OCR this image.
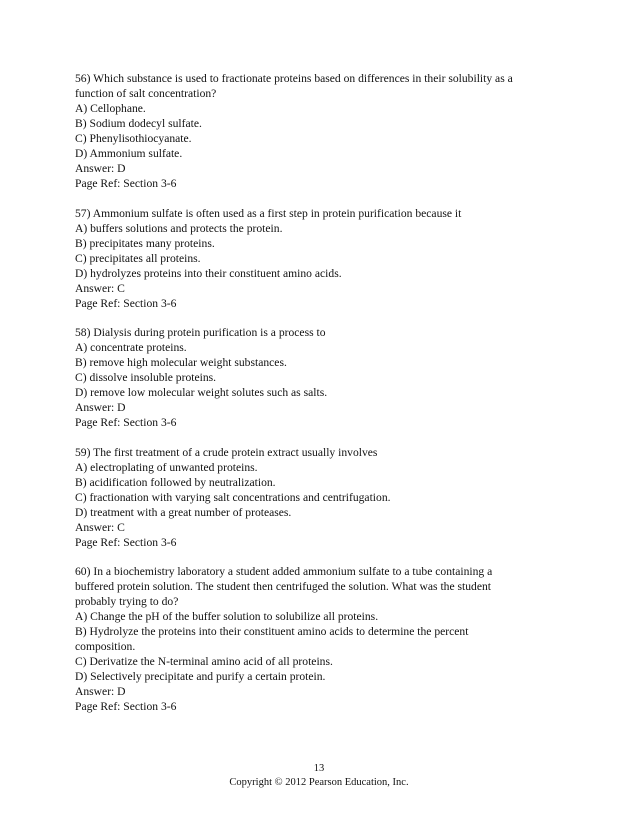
56) Which substance is used to fractionate proteins based on differences in their solubility as a
function of salt concentration?
A) Cellophane.
B) Sodium dodecyl sulfate.
C) Phenylisothiocyanate.
D) Ammonium sulfate.
Answer: D
Page Ref: Section 3-6
57) Ammonium sulfate is often used as a first step in protein purification because it
A) buffers solutions and protects the protein.
B) precipitates many proteins.
C) precipitates all proteins.
D) hydrolyzes proteins into their constituent amino acids.
Answer: C
Page Ref: Section 3-6
58) Dialysis during protein purification is a process to
A) concentrate proteins.
B) remove high molecular weight substances.
C) dissolve insoluble proteins.
D) remove low molecular weight solutes such as salts.
Answer: D
Page Ref: Section 3-6
59) The first treatment of a crude protein extract usually involves
A) electroplating of unwanted proteins.
B) acidification followed by neutralization.
C) fractionation with varying salt concentrations and centrifugation.
D) treatment with a great number of proteases.
Answer: C
Page Ref: Section 3-6
60) In a biochemistry laboratory a student added ammonium sulfate to a tube containing a
buffered protein solution. The student then centrifuged the solution. What was the student
probably trying to do?
A) Change the pH of the buffer solution to solubilize all proteins.
B) Hydrolyze the proteins into their constituent amino acids to determine the percent
composition.
C) Derivatize the N-terminal amino acid of all proteins.
D) Selectively precipitate and purify a certain protein.
Answer: D
Page Ref: Section 3-6
13
Copyright © 2012 Pearson Education, Inc.
